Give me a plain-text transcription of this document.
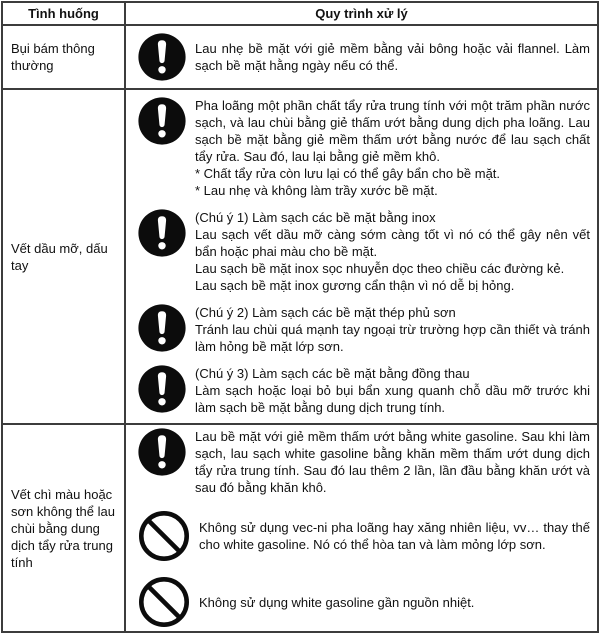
Tình huống	Quy trình xử lý
Bụi bám thông thường

Lau nhẹ bề mặt với giẻ mềm bằng vải bông hoặc vải flannel. Làm sạch bề mặt hằng ngày nếu có thể.

Vết dầu mỡ, dấu tay

Pha loãng một phần chất tẩy rửa trung tính với một trăm phần nước sạch, và lau chùi bằng giẻ thấm ướt bằng dung dịch pha loãng. Lau sạch bề mặt bằng giẻ mềm thấm ướt bằng nước để lau sạch chất tẩy rửa. Sau đó, lau lại bằng giẻ mềm khô.

* Chất tẩy rửa còn lưu lại có thể gây bẩn cho bề mặt.

* Lau nhẹ và không làm trầy xước bề mặt.

(Chú ý 1) Làm sạch các bề mặt bằng inox

Lau sạch vết dầu mỡ càng sớm càng tốt vì nó có thể gây nên vết bẩn hoặc phai màu cho bề mặt.

Lau sạch bề mặt inox sọc nhuyễn dọc theo chiều các đường kẻ.

Lau sạch bề mặt inox gương cẩn thận vì nó dễ bị hỏng.

(Chú ý 2) Làm sạch các bề mặt thép phủ sơn

Tránh lau chùi quá mạnh tay ngoại trừ trường hợp cần thiết và tránh làm hỏng bề mặt lớp sơn.

(Chú ý 3) Làm sạch các bề mặt bằng đồng thau

Làm sạch hoặc loại bỏ bụi bẩn xung quanh chỗ dầu mỡ trước khi làm sạch bề mặt bằng dung dịch trung tính.

Vết chì màu hoặc sơn không thể lau chùi bằng dung dịch tẩy rửa trung tính

Lau bề mặt với giẻ mềm thấm ướt bằng white gasoline. Sau khi làm sạch, lau sạch white gasoline bằng khăn mềm thấm ướt dung dịch tẩy rửa trung tính. Sau đó lau thêm 2 lần, lần đầu bằng khăn ướt và sau đó bằng khăn khô.

Không sử dụng vec-ni pha loãng hay xăng nhiên liệu, vv… thay thế cho white gasoline. Nó có thể hòa tan và làm mỏng lớp sơn.

Không sử dụng white gasoline gần nguồn nhiệt.
